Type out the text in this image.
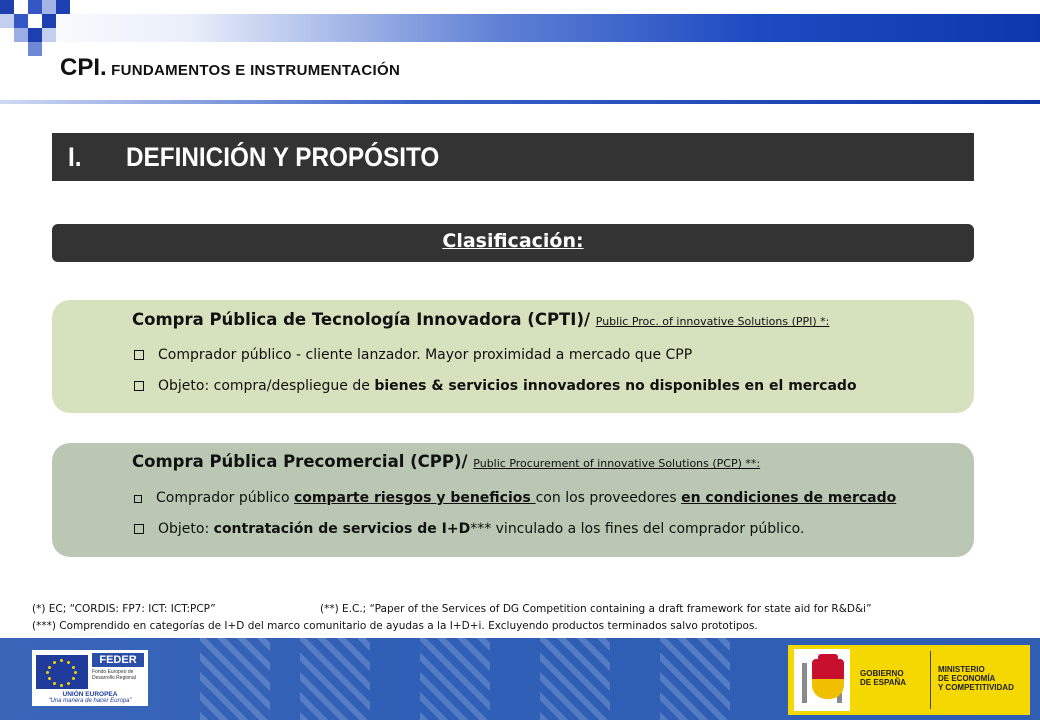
CPI. FUNDAMENTOS E INSTRUMENTACIÓN
I. DEFINICIÓN Y PROPÓSITO
Clasificación:
Compra Pública de Tecnología Innovadora (CPTI)/ Public Proc. of innovative Solutions (PPI) *:
Comprador público - cliente lanzador. Mayor proximidad a mercado que CPP
Objeto: compra/despliegue de bienes & servicios innovadores no disponibles en el mercado
Compra Pública Precomercial (CPP)/ Public Procurement of innovative Solutions (PCP) **:
Comprador público comparte riesgos y beneficios con los proveedores en condiciones de mercado
Objeto: contratación de servicios de I+D*** vinculado a los fines del comprador público.
(*) EC; “CORDIS: FP7: ICT: ICT:PCP”	(**) E.C.; “Paper of the Services of DG Competition containing a draft framework for state aid for R&D&i”
(***) Comprendido en categorías de I+D del marco comunitario de ayudas a la I+D+i. Excluyendo productos terminados salvo prototipos.
FEDER
Fondo Europeo de Desarrollo Regional
UNIÓN EUROPEA
“Una manera de hacer Europa”
GOBIERNO
DE ESPAÑA
MINISTERIO
DE ECONOMÍA
Y COMPETITIVIDAD
